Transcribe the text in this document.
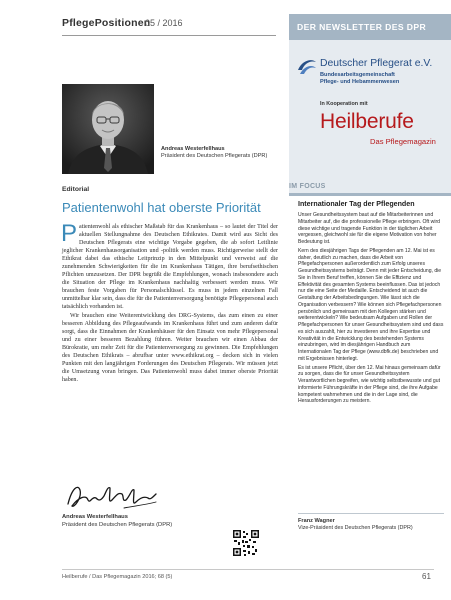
PflegePositionen
05 / 2016
Andreas Westerfellhaus
Präsident des Deutschen Pflegerats (DPR)
Editorial
Patientenwohl hat oberste Priorität

Patientenwohl als ethischer Maßstab für das Krankenhaus – so lautet der Titel der aktuellen Stellungnahme des Deutschen Ethikrates. Damit wird aus Sicht des Deutschen Pflegerats eine wichtige Vorgabe gegeben, die ab sofort Leitlinie jeglicher Krankenhausorganisation und -politik werden muss. Richtigerweise stellt der Ethikrat dabei das ethische Leitprinzip in den Mittelpunkt und verweist auf die zunehmenden Schwierigkeiten für die im Krankenhaus Tätigen, ihre berufsethischen Pflichten umzusetzen. Der DPR begrüßt die Empfehlungen, wonach insbesondere auch die Situation der Pflege im Krankenhaus nachhaltig verbessert werden muss. Wir brauchen feste Vorgaben für Personalschlüssel. Es muss in jedem einzelnen Fall unmittelbar klar sein, dass die für die Patientenversorgung benötigte Pflegepersonal auch tatsächlich vorhanden ist.

Wir brauchen eine Weiterentwicklung des DRG-Systems, das zum einen zu einer besseren Abbildung des Pflegeaufwands im Krankenhaus führt und zum anderen dafür sorgt, dass die Einnahmen der Krankenhäuser für den Einsatz von mehr Pflegepersonal und zu einer besseren Bezahlung führen. Weiter brauchen wir einen Abbau der Bürokratie, um mehr Zeit für die Patientenversorgung zu gewinnen. Die Empfehlungen des Deutschen Ethikrats – abrufbar unter www.ethikrat.org – decken sich in vielen Punkten mit den langjährigen Forderungen des Deutschen Pflegerats. Wir müssen jetzt die Umsetzung voran bringen. Das Patientenwohl muss dabei immer oberste Priorität haben.

Andreas Westerfellhaus
Präsident des Deutschen Pflegerats (DPR)
Heilberufe / Das Pflegemagazin 2016; 68 (5)	61
DER NEWSLETTER DES DPR
Deutscher Pflegerat e.V.
Bundesarbeitsgemeinschaft
Pflege- und Hebammenwesen
In Kooperation mit
Heilberufe
Das Pflegemagazin
IM FOCUS
Internationaler Tag der Pflegenden

Unser Gesundheitssystem baut auf die Mitarbeiterinnen und Mitarbeiter auf, die die professionelle Pflege erbringen. Oft wird diese wichtige und tragende Funktion in der täglichen Arbeit vergessen, gleichwohl sie für die eigene Motivation von hoher Bedeutung ist.

Kern des diesjährigen Tags der Pflegenden am 12. Mai ist es daher, deutlich zu machen, dass die Arbeit von Pflegefachpersonen außerordentlich zum Erfolg unseres Gesundheitssystems beiträgt. Denn mit jeder Entscheidung, die Sie in Ihrem Beruf treffen, können Sie die Effizienz und Effektivität des gesamten Systems beeinflussen. Das ist jedoch nur die eine Seite der Medaille. Entscheidend ist auch die Gestaltung der Arbeitsbedingungen. Wie lässt sich die Organisation verbessern? Wie können sich Pflegefachpersonen persönlich und gemeinsam mit den Kollegen stärken und weiterentwickeln? Wie bedeutsam Aufgaben und Rollen der Pflegefachpersonen für unser Gesundheitssystem sind und dass es sich auszahlt, hier zu investieren und ihre Expertise und Kreativität in die Entwicklung des bestehenden Systems einzubringen, wird im diesjährigen Handbuch zum Internationalen Tag der Pflege (www.dbfk.de) beschrieben und mit Ergebnissen hinterlegt.

Es ist unsere Pflicht, über den 12. Mai hinaus gemeinsam dafür zu sorgen, dass die für unser Gesundheitssystem Verantwortlichen begreifen, wie wichtig selbstbewusste und gut informierte Führungskräfte in der Pflege sind, die ihre Aufgabe kompetent wahrnehmen und die in der Lage sind, die Herausforderungen zu meistern.

Franz Wagner
Vize-Präsident des Deutschen Pflegerats (DPR)
